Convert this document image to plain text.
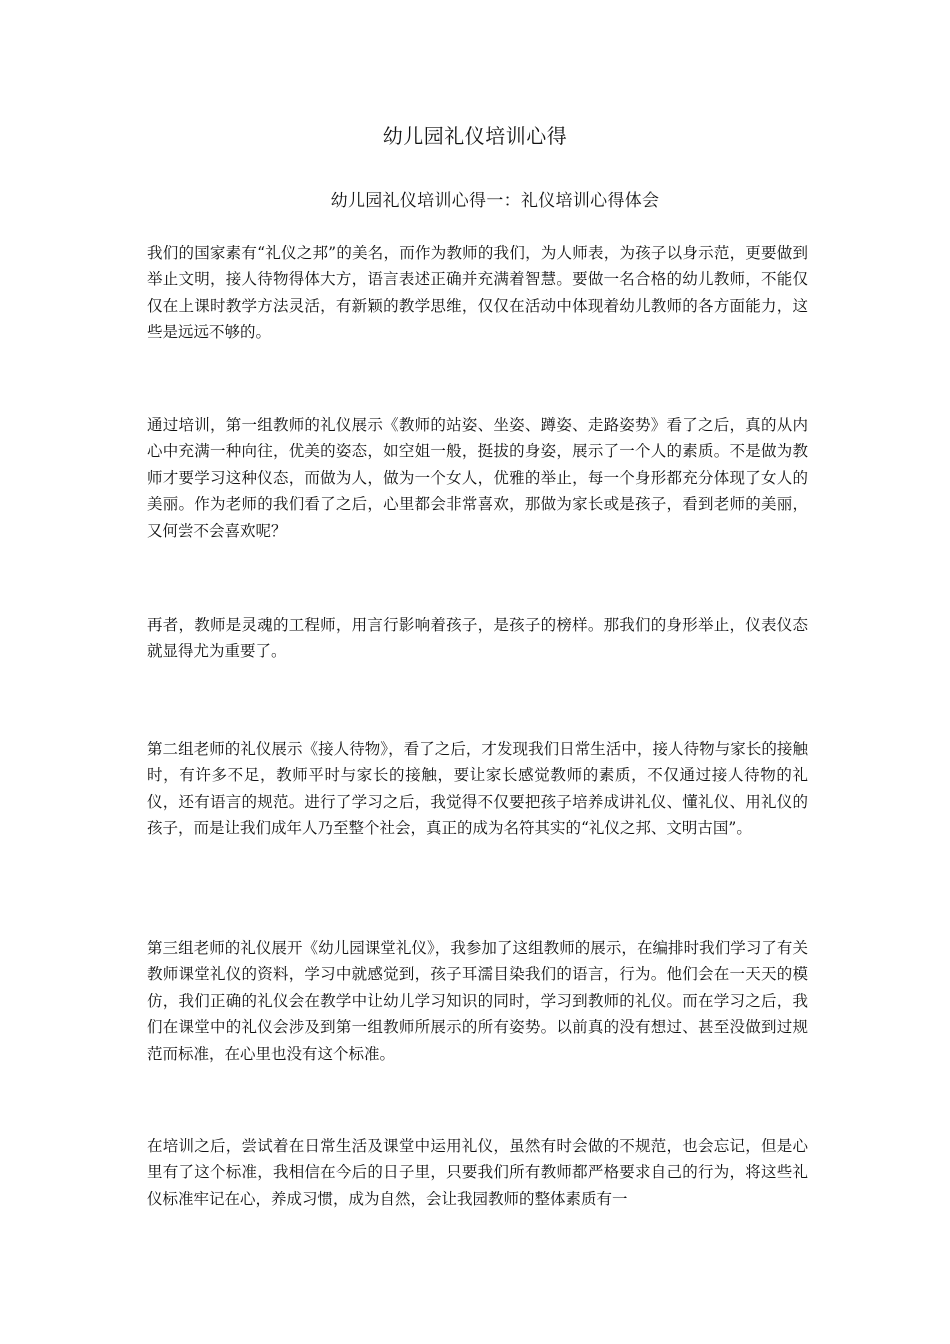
幼儿园礼仪培训心得
幼儿园礼仪培训心得一：礼仪培训心得体会

我们的国家素有“礼仪之邦”的美名，而作为教师的我们，为人师表，为孩子以身示范，更要做到举止文明，接人待物得体大方，语言表述正确并充满着智慧。要做一名合格的幼儿教师，不能仅仅在上课时教学方法灵活，有新颖的教学思维，仅仅在活动中体现着幼儿教师的各方面能力，这些是远远不够的。

通过培训，第一组教师的礼仪展示《教师的站姿、坐姿、蹲姿、走路姿势》看了之后，真的从内心中充满一种向往，优美的姿态，如空姐一般，挺拔的身姿，展示了一个人的素质。不是做为教师才要学习这种仪态，而做为人，做为一个女人，优雅的举止，每一个身形都充分体现了女人的美丽。作为老师的我们看了之后，心里都会非常喜欢，那做为家长或是孩子，看到老师的美丽，又何尝不会喜欢呢？

再者，教师是灵魂的工程师，用言行影响着孩子，是孩子的榜样。那我们的身形举止，仪表仪态就显得尤为重要了。

第二组老师的礼仪展示《接人待物》，看了之后，才发现我们日常生活中，接人待物与家长的接触时，有许多不足，教师平时与家长的接触，要让家长感觉教师的素质，不仅通过接人待物的礼仪，还有语言的规范。进行了学习之后，我觉得不仅要把孩子培养成讲礼仪、懂礼仪、用礼仪的孩子，而是让我们成年人乃至整个社会，真正的成为名符其实的“礼仪之邦、文明古国”。

第三组老师的礼仪展开《幼儿园课堂礼仪》，我参加了这组教师的展示，在编排时我们学习了有关教师课堂礼仪的资料，学习中就感觉到，孩子耳濡目染我们的语言，行为。他们会在一天天的模仿，我们正确的礼仪会在教学中让幼儿学习知识的同时，学习到教师的礼仪。而在学习之后，我们在课堂中的礼仪会涉及到第一组教师所展示的所有姿势。以前真的没有想过、甚至没做到过规范而标准，在心里也没有这个标准。

在培训之后，尝试着在日常生活及课堂中运用礼仪，虽然有时会做的不规范，也会忘记，但是心里有了这个标准，我相信在今后的日子里，只要我们所有教师都严格要求自己的行为，将这些礼仪标准牢记在心，养成习惯，成为自然，会让我园教师的整体素质有一
